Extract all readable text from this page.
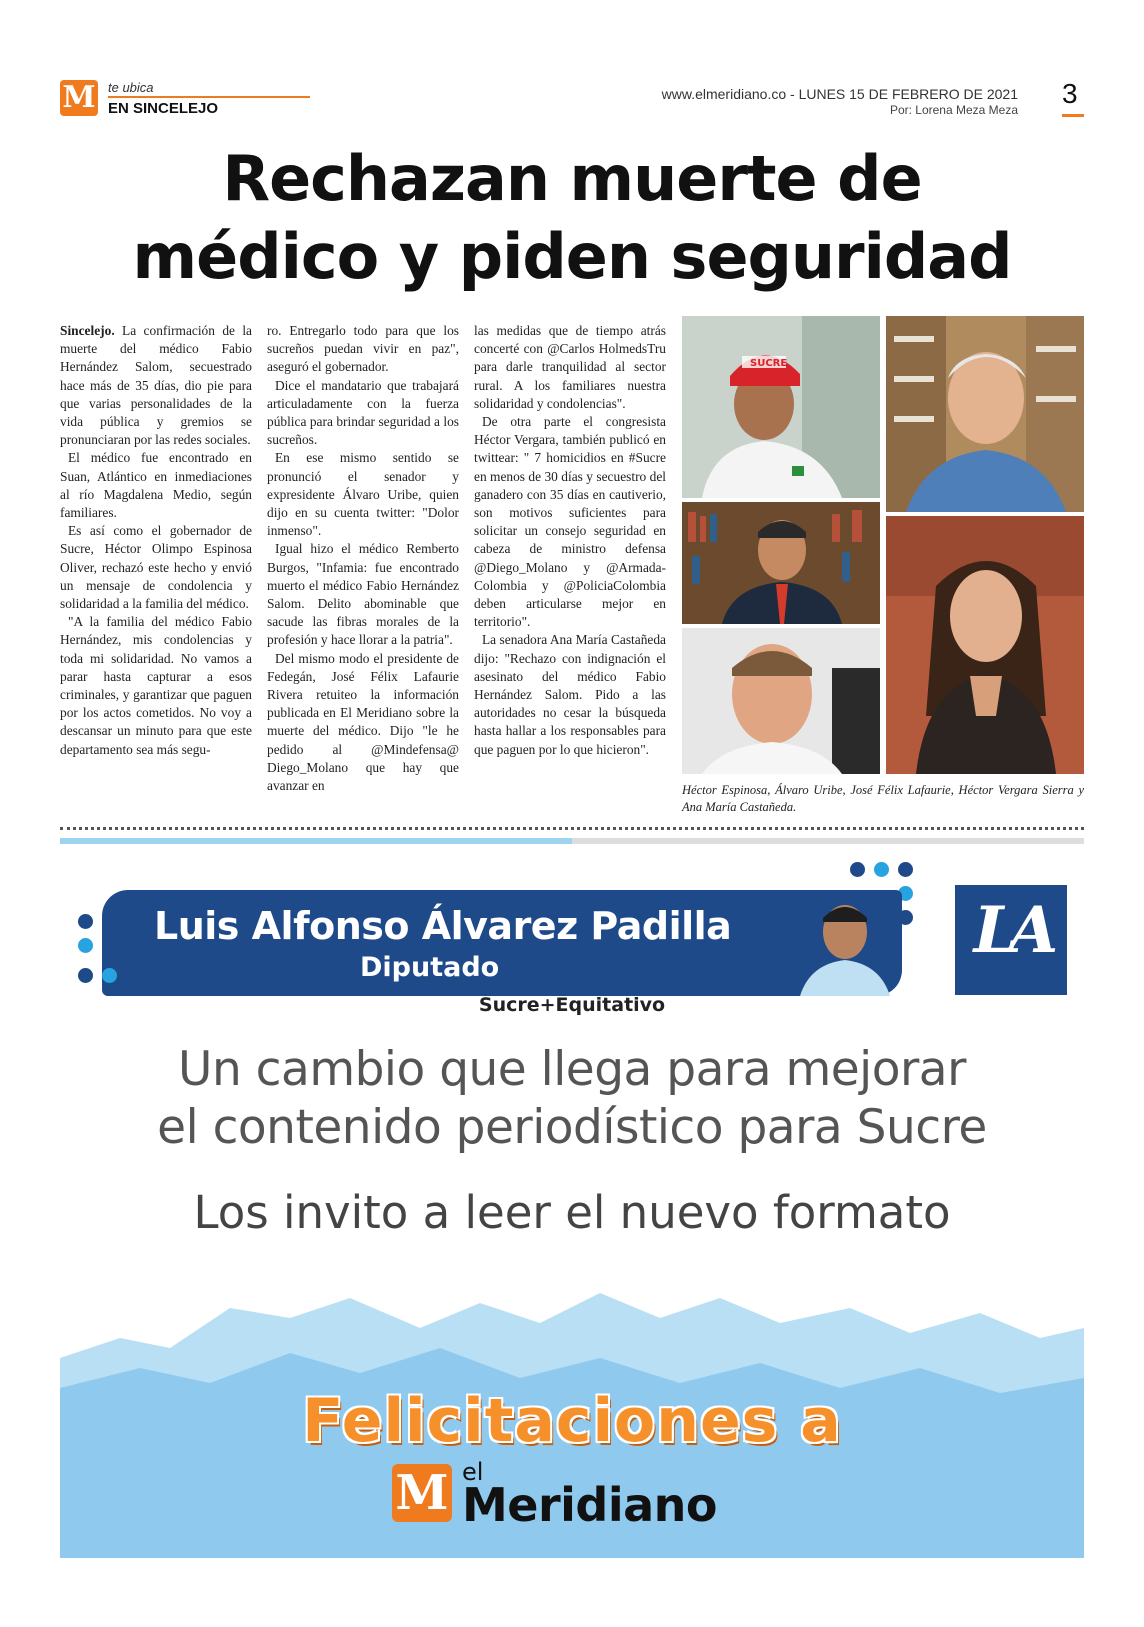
M te ubica
EN SINCELEJO
www.elmeridiano.co - LUNES 15 DE FEBRERO DE 2021
Por: Lorena Meza Meza
3
Rechazan muerte de
médico y piden seguridad

Sincelejo. La confirmación de la muerte del médico Fabio Hernández Salom, secuestrado hace más de 35 días, dio pie para que varias personalidades de la vida pública y gremios se pronunciaran por las redes sociales.

El médico fue encontrado en Suan, Atlántico en inmediaciones al río Magdalena Medio, según familiares.

Es así como el gobernador de Sucre, Héctor Olimpo Espinosa Oliver, rechazó este hecho y envió un mensaje de condolencia y solidaridad a la familia del médico.

"A la familia del médico Fabio Hernández, mis condolencias y toda mi solidaridad. No vamos a parar hasta capturar a esos criminales, y garantizar que paguen por los actos cometidos. No voy a descansar un minuto para que este departamento sea más segu-

ro. Entregarlo todo para que los sucreños puedan vivir en paz", aseguró el gobernador.

Dice el mandatario que trabajará articuladamente con la fuerza pública para brindar seguridad a los sucreños.

En ese mismo sentido se pronunció el senador y expresidente Álvaro Uribe, quien dijo en su cuenta twitter: "Dolor inmenso".

Igual hizo el médico Remberto Burgos, "Infamia: fue encontrado muerto el médico Fabio Hernández Salom. Delito abominable que sacude las fibras morales de la profesión y hace llorar a la patria".

Del mismo modo el presidente de Fedegán, José Félix Lafaurie Rivera retuiteo la información publicada en El Meridiano sobre la muerte del médico. Dijo "le he pedido al @Mindefensa@ Diego_Molano que hay que avanzar en

las medidas que de tiempo atrás concerté con @Carlos HolmedsTru para darle tranquilidad al sector rural. A los familiares nuestra solidaridad y condolencias".

De otra parte el congresista Héctor Vergara, también publicó en twittear: " 7 homicidios en #Sucre en menos de 30 días y secuestro del ganadero con 35 días en cautiverio, son motivos suficientes para solicitar un consejo seguridad en cabeza de ministro defensa @Diego_Molano y @Armada-Colombia y @PoliciaColombia deben articularse mejor en territorio".

La senadora Ana María Castañeda dijo: "Rechazo con indignación el asesinato del médico Fabio Hernández Salom. Pido a las autoridades no cesar la búsqueda hasta hallar a los responsables para que paguen por lo que hicieron".

SUCRE
Héctor Espinosa, Álvaro Uribe, José Félix Lafaurie, Héctor Vergara Sierra y Ana María Castañeda.
Luis Alfonso Álvarez Padilla
Diputado
Sucre+Equitativo
LA
Un cambio que llega para mejorar
el contenido periodístico para Sucre
Los invito a leer el nuevo formato
Felicitaciones a
M el
Meridiano
